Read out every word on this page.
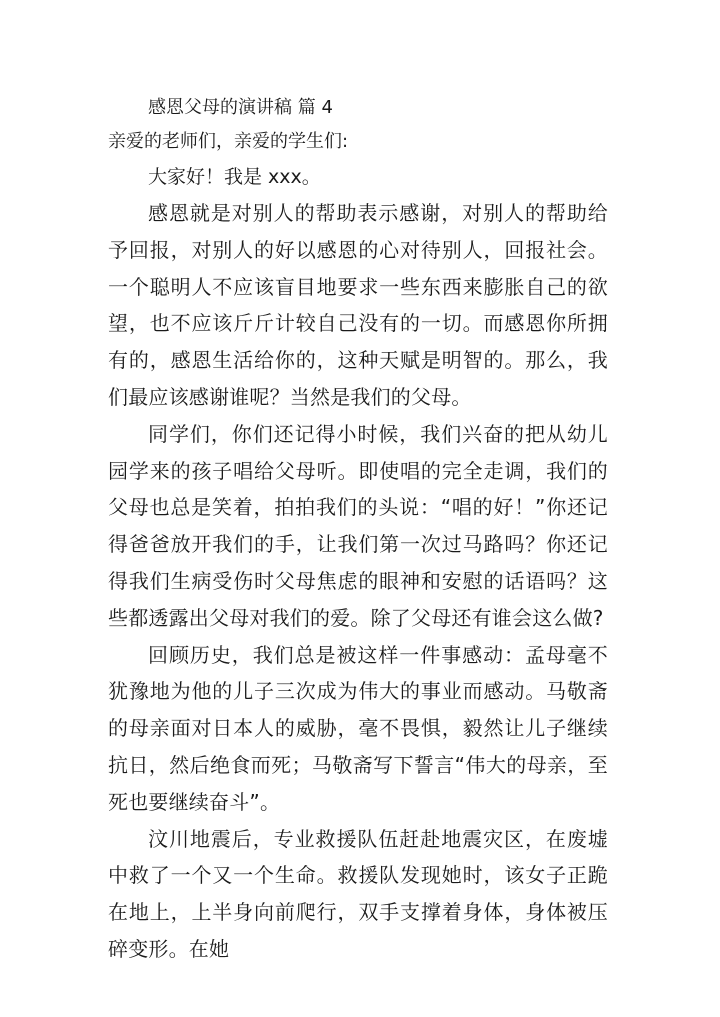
感恩父母的演讲稿 篇 4
亲爱的老师们，亲爱的学生们:
大家好！我是 xxx。

感恩就是对别人的帮助表示感谢，对别人的帮助给予回报，对别人的好以感恩的心对待别人，回报社会。一个聪明人不应该盲目地要求一些东西来膨胀自己的欲望，也不应该斤斤计较自己没有的一切。而感恩你所拥有的，感恩生活给你的，这种天赋是明智的。那么，我们最应该感谢谁呢？当然是我们的父母。

同学们，你们还记得小时候，我们兴奋的把从幼儿园学来的孩子唱给父母听。即使唱的完全走调，我们的父母也总是笑着，拍拍我们的头说：“唱的好！”你还记得爸爸放开我们的手，让我们第一次过马路吗？你还记得我们生病受伤时父母焦虑的眼神和安慰的话语吗？这些都透露出父母对我们的爱。除了父母还有谁会这么做?

回顾历史，我们总是被这样一件事感动：孟母毫不犹豫地为他的儿子三次成为伟大的事业而感动。马敬斋的母亲面对日本人的威胁，毫不畏惧，毅然让儿子继续抗日，然后绝食而死；马敬斋写下誓言“伟大的母亲，至死也要继续奋斗”。

汶川地震后，专业救援队伍赶赴地震灾区，在废墟中救了一个又一个生命。救援队发现她时，该女子正跪在地上，上半身向前爬行，双手支撑着身体，身体被压碎变形。在她
